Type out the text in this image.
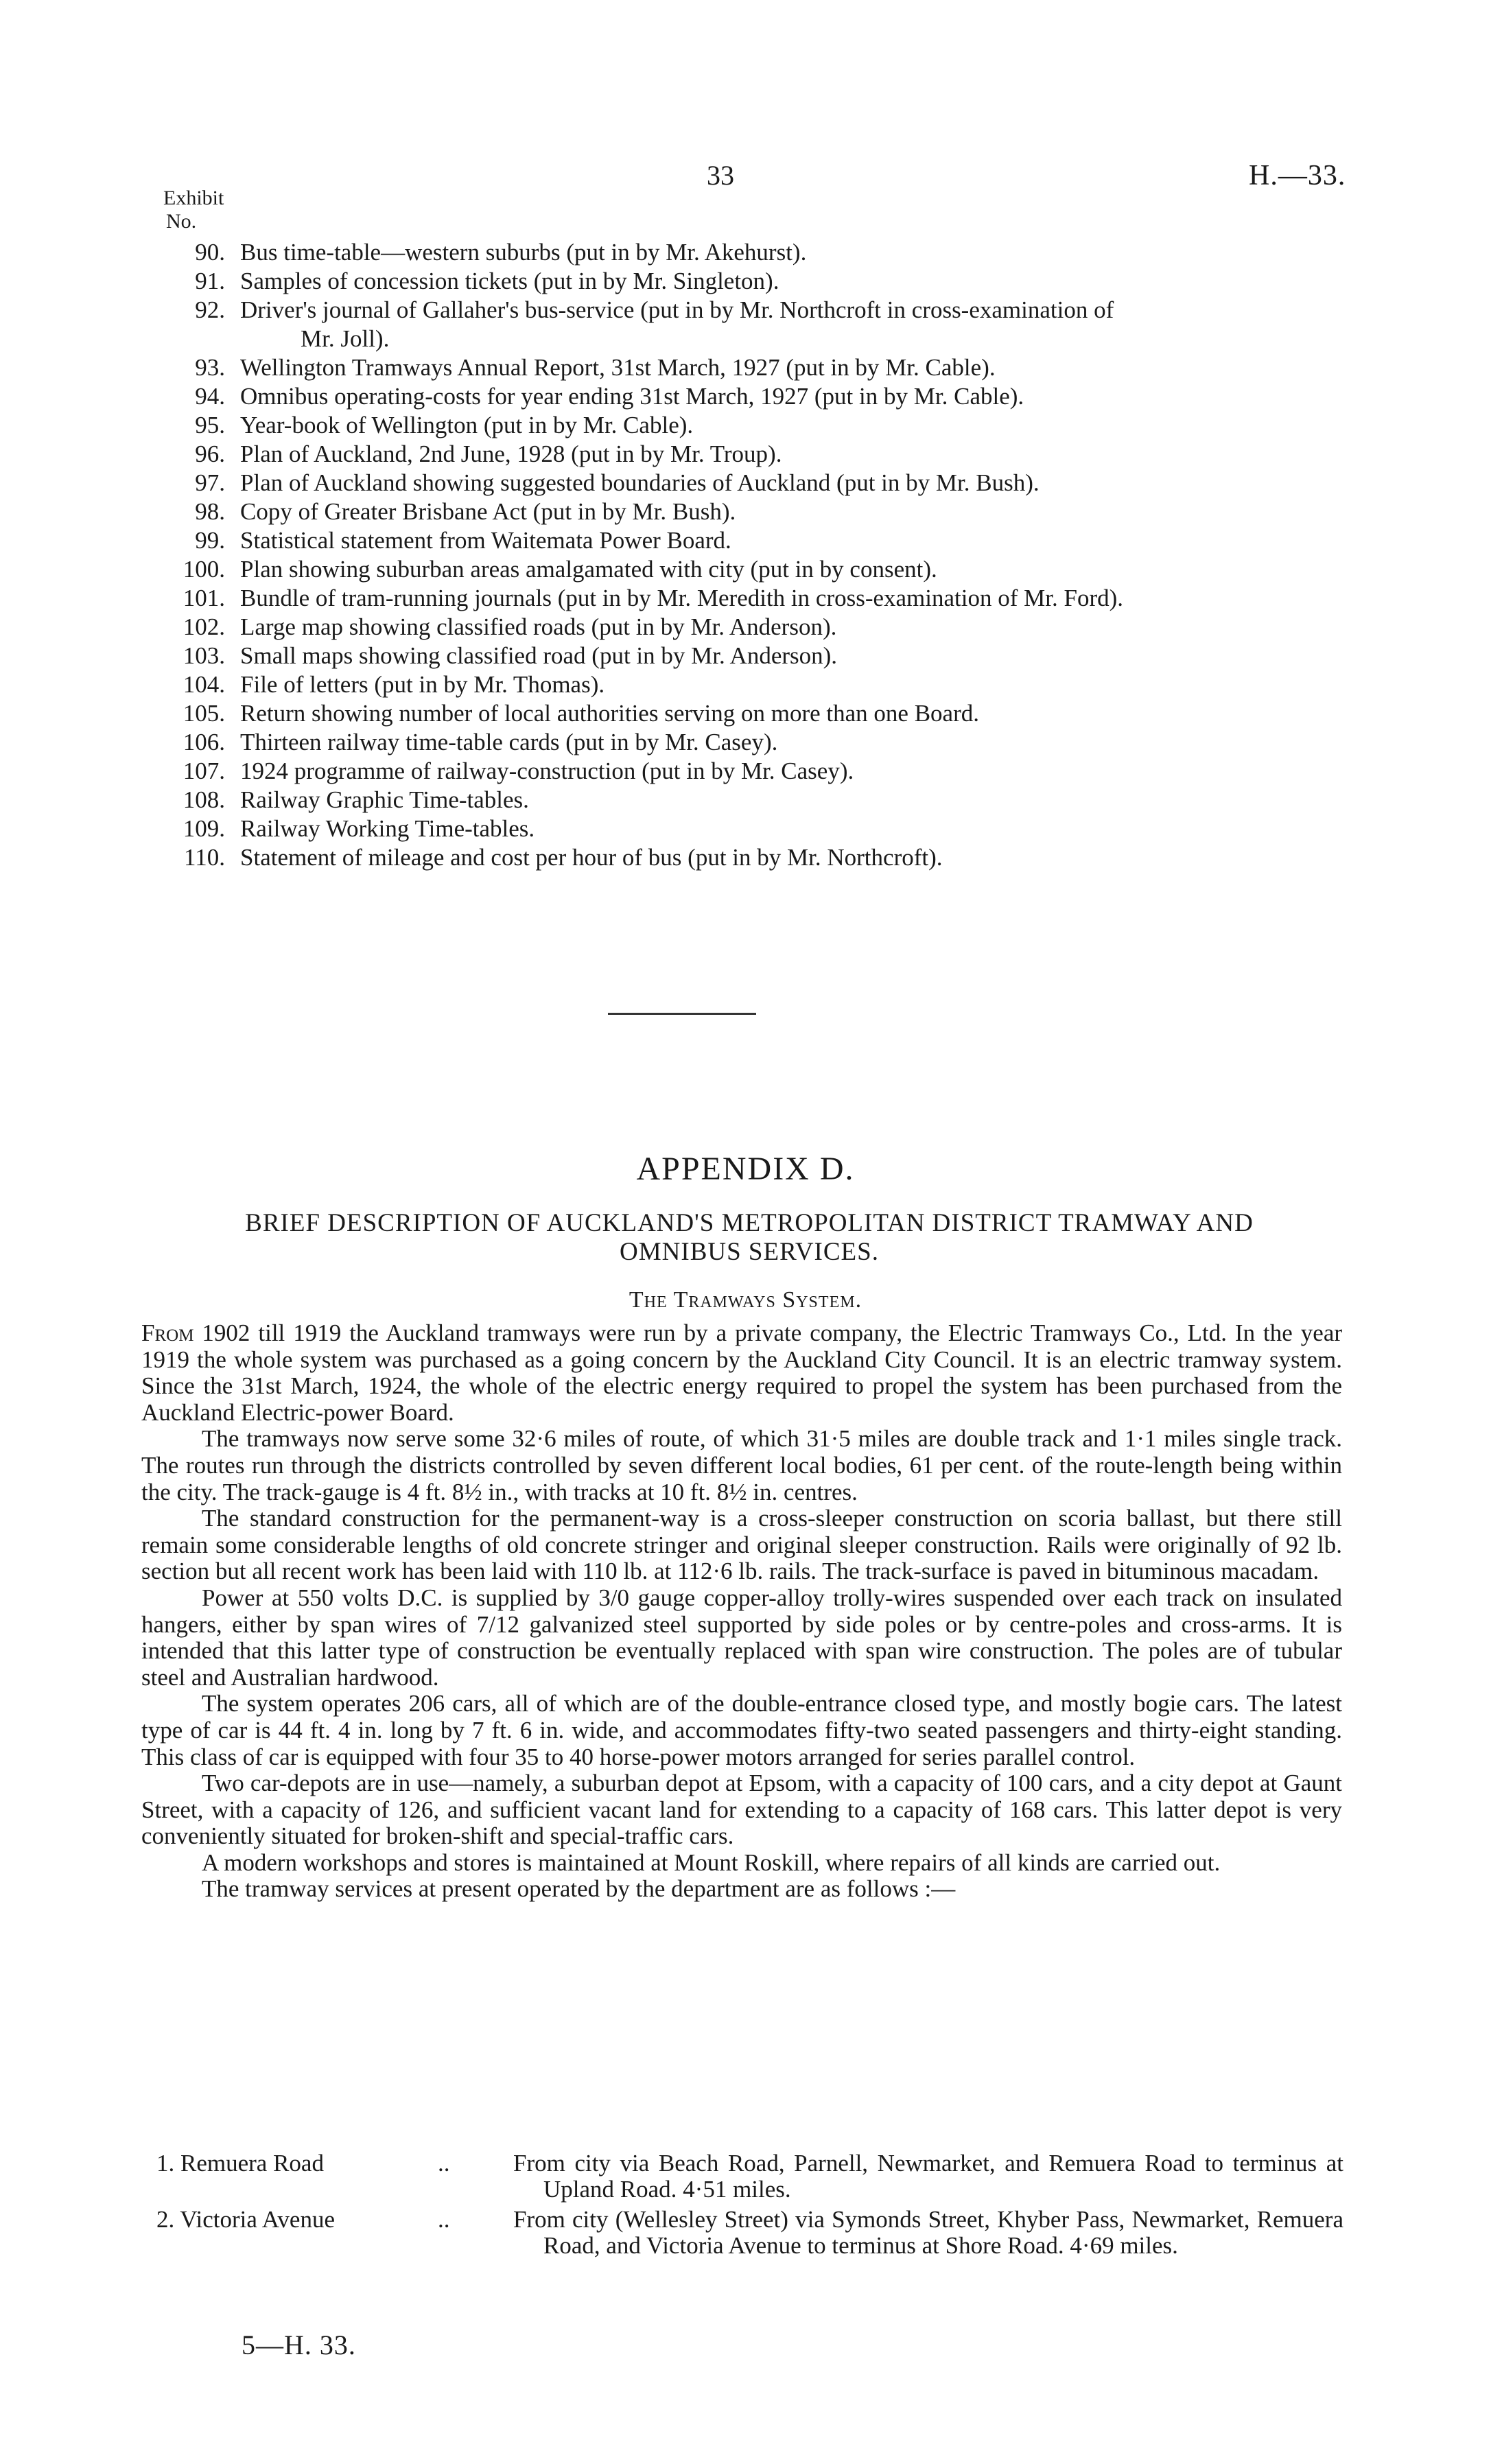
33	H.—33.
Exhibit
No.
90. Bus time-table—western suburbs (put in by Mr. Akehurst).
91. Samples of concession tickets (put in by Mr. Singleton).
92. Driver's journal of Gallaher's bus-service (put in by Mr. Northcroft in cross-examination of
Mr. Joll).
93. Wellington Tramways Annual Report, 31st March, 1927 (put in by Mr. Cable).
94. Omnibus operating-costs for year ending 31st March, 1927 (put in by Mr. Cable).
95. Year-book of Wellington (put in by Mr. Cable).
96. Plan of Auckland, 2nd June, 1928 (put in by Mr. Troup).
97. Plan of Auckland showing suggested boundaries of Auckland (put in by Mr. Bush).
98. Copy of Greater Brisbane Act (put in by Mr. Bush).
99. Statistical statement from Waitemata Power Board.
100. Plan showing suburban areas amalgamated with city (put in by consent).
101. Bundle of tram-running journals (put in by Mr. Meredith in cross-examination of Mr. Ford).
102. Large map showing classified roads (put in by Mr. Anderson).
103. Small maps showing classified road (put in by Mr. Anderson).
104. File of letters (put in by Mr. Thomas).
105. Return showing number of local authorities serving on more than one Board.
106. Thirteen railway time-table cards (put in by Mr. Casey).
107. 1924 programme of railway-construction (put in by Mr. Casey).
108. Railway Graphic Time-tables.
109. Railway Working Time-tables.
110. Statement of mileage and cost per hour of bus (put in by Mr. Northcroft).
APPENDIX D.
BRIEF DESCRIPTION OF AUCKLAND'S METROPOLITAN DISTRICT TRAMWAY AND
OMNIBUS SERVICES.
The Tramways System.

From 1902 till 1919 the Auckland tramways were run by a private company, the Electric Tramways Co., Ltd. In the year 1919 the whole system was purchased as a going concern by the Auckland City Council. It is an electric tramway system. Since the 31st March, 1924, the whole of the electric energy required to propel the system has been purchased from the Auckland Electric-power Board.

The tramways now serve some 32·6 miles of route, of which 31·5 miles are double track and 1·1 miles single track. The routes run through the districts controlled by seven different local bodies, 61 per cent. of the route-length being within the city. The track-gauge is 4 ft. 8½ in., with tracks at 10 ft. 8½ in. centres.

The standard construction for the permanent-way is a cross-sleeper construction on scoria ballast, but there still remain some considerable lengths of old concrete stringer and original sleeper construction. Rails were originally of 92 lb. section but all recent work has been laid with 110 lb. at 112·6 lb. rails. The track-surface is paved in bituminous macadam.

Power at 550 volts D.C. is supplied by 3/0 gauge copper-alloy trolly-wires suspended over each track on insulated hangers, either by span wires of 7/12 galvanized steel supported by side poles or by centre-poles and cross-arms. It is intended that this latter type of construction be eventually replaced with span wire construction. The poles are of tubular steel and Australian hardwood.

The system operates 206 cars, all of which are of the double-entrance closed type, and mostly bogie cars. The latest type of car is 44 ft. 4 in. long by 7 ft. 6 in. wide, and accommodates fifty-two seated passengers and thirty-eight standing. This class of car is equipped with four 35 to 40 horse-power motors arranged for series parallel control.

Two car-depots are in use—namely, a suburban depot at Epsom, with a capacity of 100 cars, and a city depot at Gaunt Street, with a capacity of 126, and sufficient vacant land for extending to a capacity of 168 cars. This latter depot is very conveniently situated for broken-shift and special-traffic cars.

A modern workshops and stores is maintained at Mount Roskill, where repairs of all kinds are carried out.

The tramway services at present operated by the department are as follows :—

1. Remuera Road	..	From city via Beach Road, Parnell, Newmarket, and Remuera Road to terminus at Upland Road. 4·51 miles.
2. Victoria Avenue	..	From city (Wellesley Street) via Symonds Street, Khyber Pass, Newmarket, Remuera Road, and Victoria Avenue to terminus at Shore Road. 4·69 miles.
5—H. 33.
